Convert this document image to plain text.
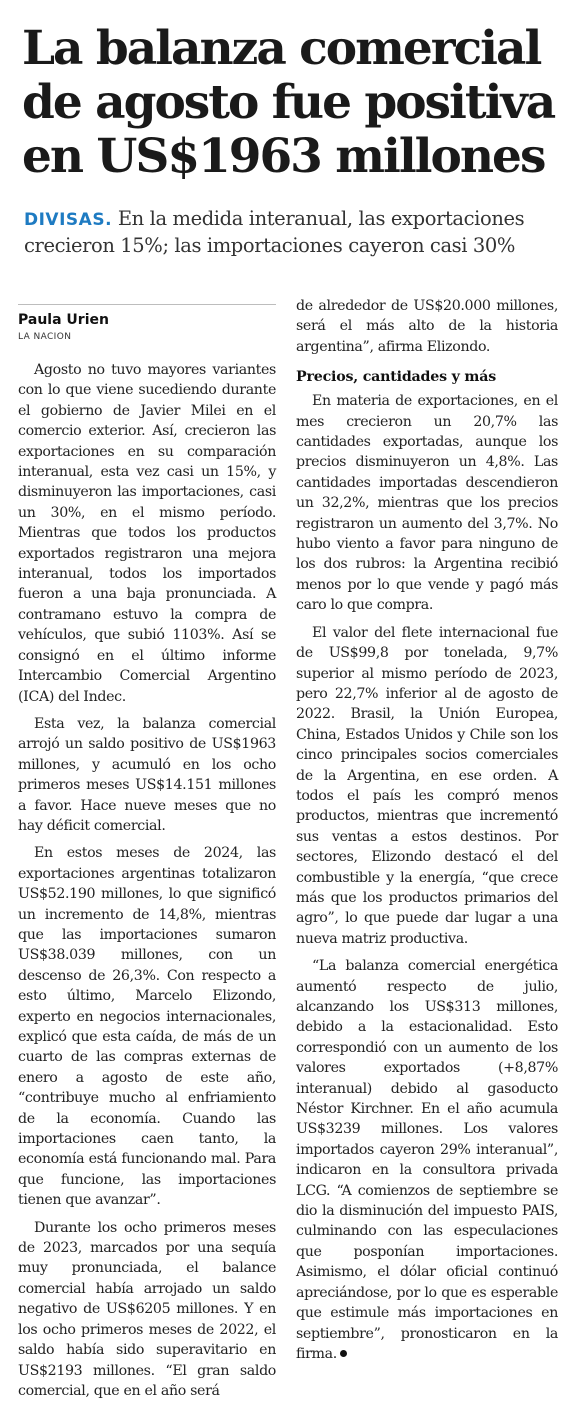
La balanza comercial
de agosto fue positiva
en US$1963 millones

DIVISAS. En la medida interanual, las exportaciones crecieron 15%; las importaciones cayeron casi 30%

Paula Urien

LA NACION

Agosto no tuvo mayores variantes con lo que viene sucediendo durante el gobierno de Javier Milei en el comercio exterior. Así, crecieron las exportaciones en su comparación interanual, esta vez casi un 15%, y disminuyeron las importaciones, casi un 30%, en el mismo período. Mientras que todos los productos exportados registraron una mejora interanual, todos los importados fueron a una baja pronunciada. A contramano estuvo la compra de vehículos, que subió 1103%. Así se consignó en el último informe Intercambio Comercial Argentino (ICA) del Indec.

Esta vez, la balanza comercial arrojó un saldo positivo de US$1963 millones, y acumuló en los ocho primeros meses US$14.151 millones a favor. Hace nueve meses que no hay déficit comercial.

En estos meses de 2024, las exportaciones argentinas totalizaron US$52.190 millones, lo que significó un incremento de 14,8%, mientras que las importaciones sumaron US$38.039 millones, con un descenso de 26,3%. Con respecto a esto último, Marcelo Elizondo, experto en negocios internacionales, explicó que esta caída, de más de un cuarto de las compras externas de enero a agosto de este año, “contribuye mucho al enfriamiento de la economía. Cuando las importaciones caen tanto, la economía está funcionando mal. Para que funcione, las importaciones tienen que avanzar”.

Durante los ocho primeros meses de 2023, marcados por una sequía muy pronunciada, el balance comercial había arrojado un saldo negativo de US$6205 millones. Y en los ocho primeros meses de 2022, el saldo había sido superavitario en US$2193 millones. “El gran saldo comercial, que en el año será

de alrededor de US$20.000 millones, será el más alto de la historia argentina”, afirma Elizondo.

Precios, cantidades y más

En materia de exportaciones, en el mes crecieron un 20,7% las cantidades exportadas, aunque los precios disminuyeron un 4,8%. Las cantidades importadas descendieron un 32,2%, mientras que los precios registraron un aumento del 3,7%. No hubo viento a favor para ninguno de los dos rubros: la Argentina recibió menos por lo que vende y pagó más caro lo que compra.

El valor del flete internacional fue de US$99,8 por tonelada, 9,7% superior al mismo período de 2023, pero 22,7% inferior al de agosto de 2022. Brasil, la Unión Europea, China, Estados Unidos y Chile son los cinco principales socios comerciales de la Argentina, en ese orden. A todos el país les compró menos productos, mientras que incrementó sus ventas a estos destinos. Por sectores, Elizondo destacó el del combustible y la energía, “que crece más que los productos primarios del agro”, lo que puede dar lugar a una nueva matriz productiva.

“La balanza comercial energética aumentó respecto de julio, alcanzando los US$313 millones, debido a la estacionalidad. Esto correspondió con un aumento de los valores exportados (+8,87% interanual) debido al gasoducto Néstor Kirchner. En el año acumula US$3239 millones. Los valores importados cayeron 29% interanual”, indicaron en la consultora privada LCG. “A comienzos de septiembre se dio la disminución del impuesto PAIS, culminando con las especulaciones que posponían importaciones. Asimismo, el dólar oficial continuó apreciándose, por lo que es esperable que estimule más importaciones en septiembre”, pronosticaron en la firma.
